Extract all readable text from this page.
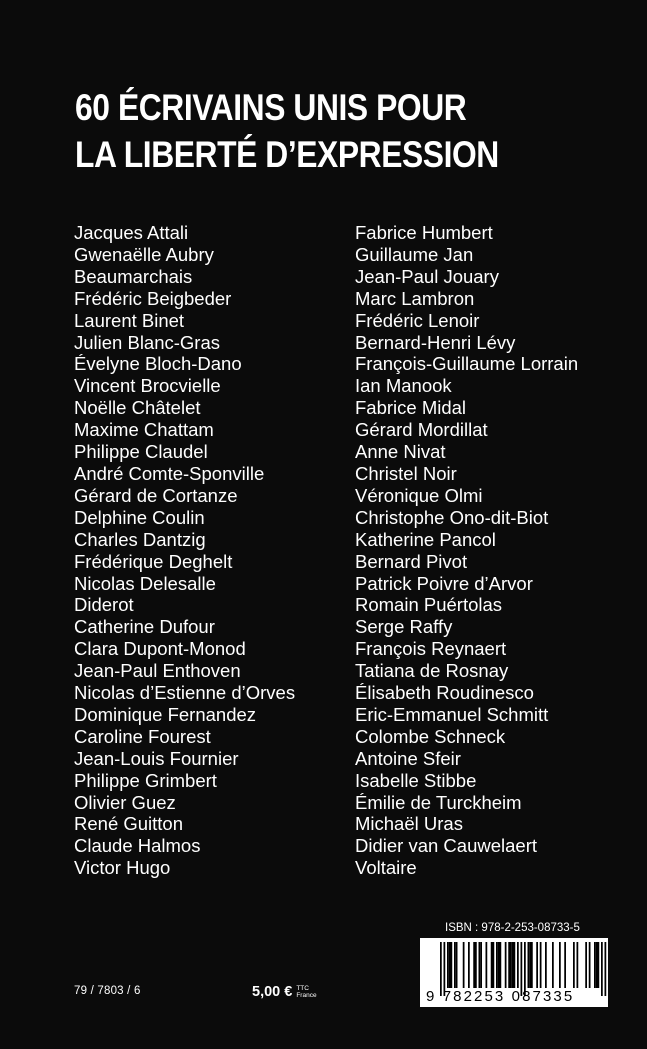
60 ÉCRIVAINS UNIS POUR
LA LIBERTÉ D’EXPRESSION
Jacques Attali
Gwenaëlle Aubry
Beaumarchais
Frédéric Beigbeder
Laurent Binet
Julien Blanc-Gras
Évelyne Bloch-Dano
Vincent Brocvielle
Noëlle Châtelet
Maxime Chattam
Philippe Claudel
André Comte-Sponville
Gérard de Cortanze
Delphine Coulin
Charles Dantzig
Frédérique Deghelt
Nicolas Delesalle
Diderot
Catherine Dufour
Clara Dupont-Monod
Jean-Paul Enthoven
Nicolas d’Estienne d’Orves
Dominique Fernandez
Caroline Fourest
Jean-Louis Fournier
Philippe Grimbert
Olivier Guez
René Guitton
Claude Halmos
Victor Hugo
Fabrice Humbert
Guillaume Jan
Jean-Paul Jouary
Marc Lambron
Frédéric Lenoir
Bernard-Henri Lévy
François-Guillaume Lorrain
Ian Manook
Fabrice Midal
Gérard Mordillat
Anne Nivat
Christel Noir
Véronique Olmi
Christophe Ono-dit-Biot
Katherine Pancol
Bernard Pivot
Patrick Poivre d’Arvor
Romain Puértolas
Serge Raffy
François Reynaert
Tatiana de Rosnay
Élisabeth Roudinesco
Eric-Emmanuel Schmitt
Colombe Schneck
Antoine Sfeir
Isabelle Stibbe
Émilie de Turckheim
Michaël Uras
Didier van Cauwelaert
Voltaire
79 / 7803 / 6	5,00 € TTC
France
ISBN : 978-2-253-08733-5
9 782253 087335
